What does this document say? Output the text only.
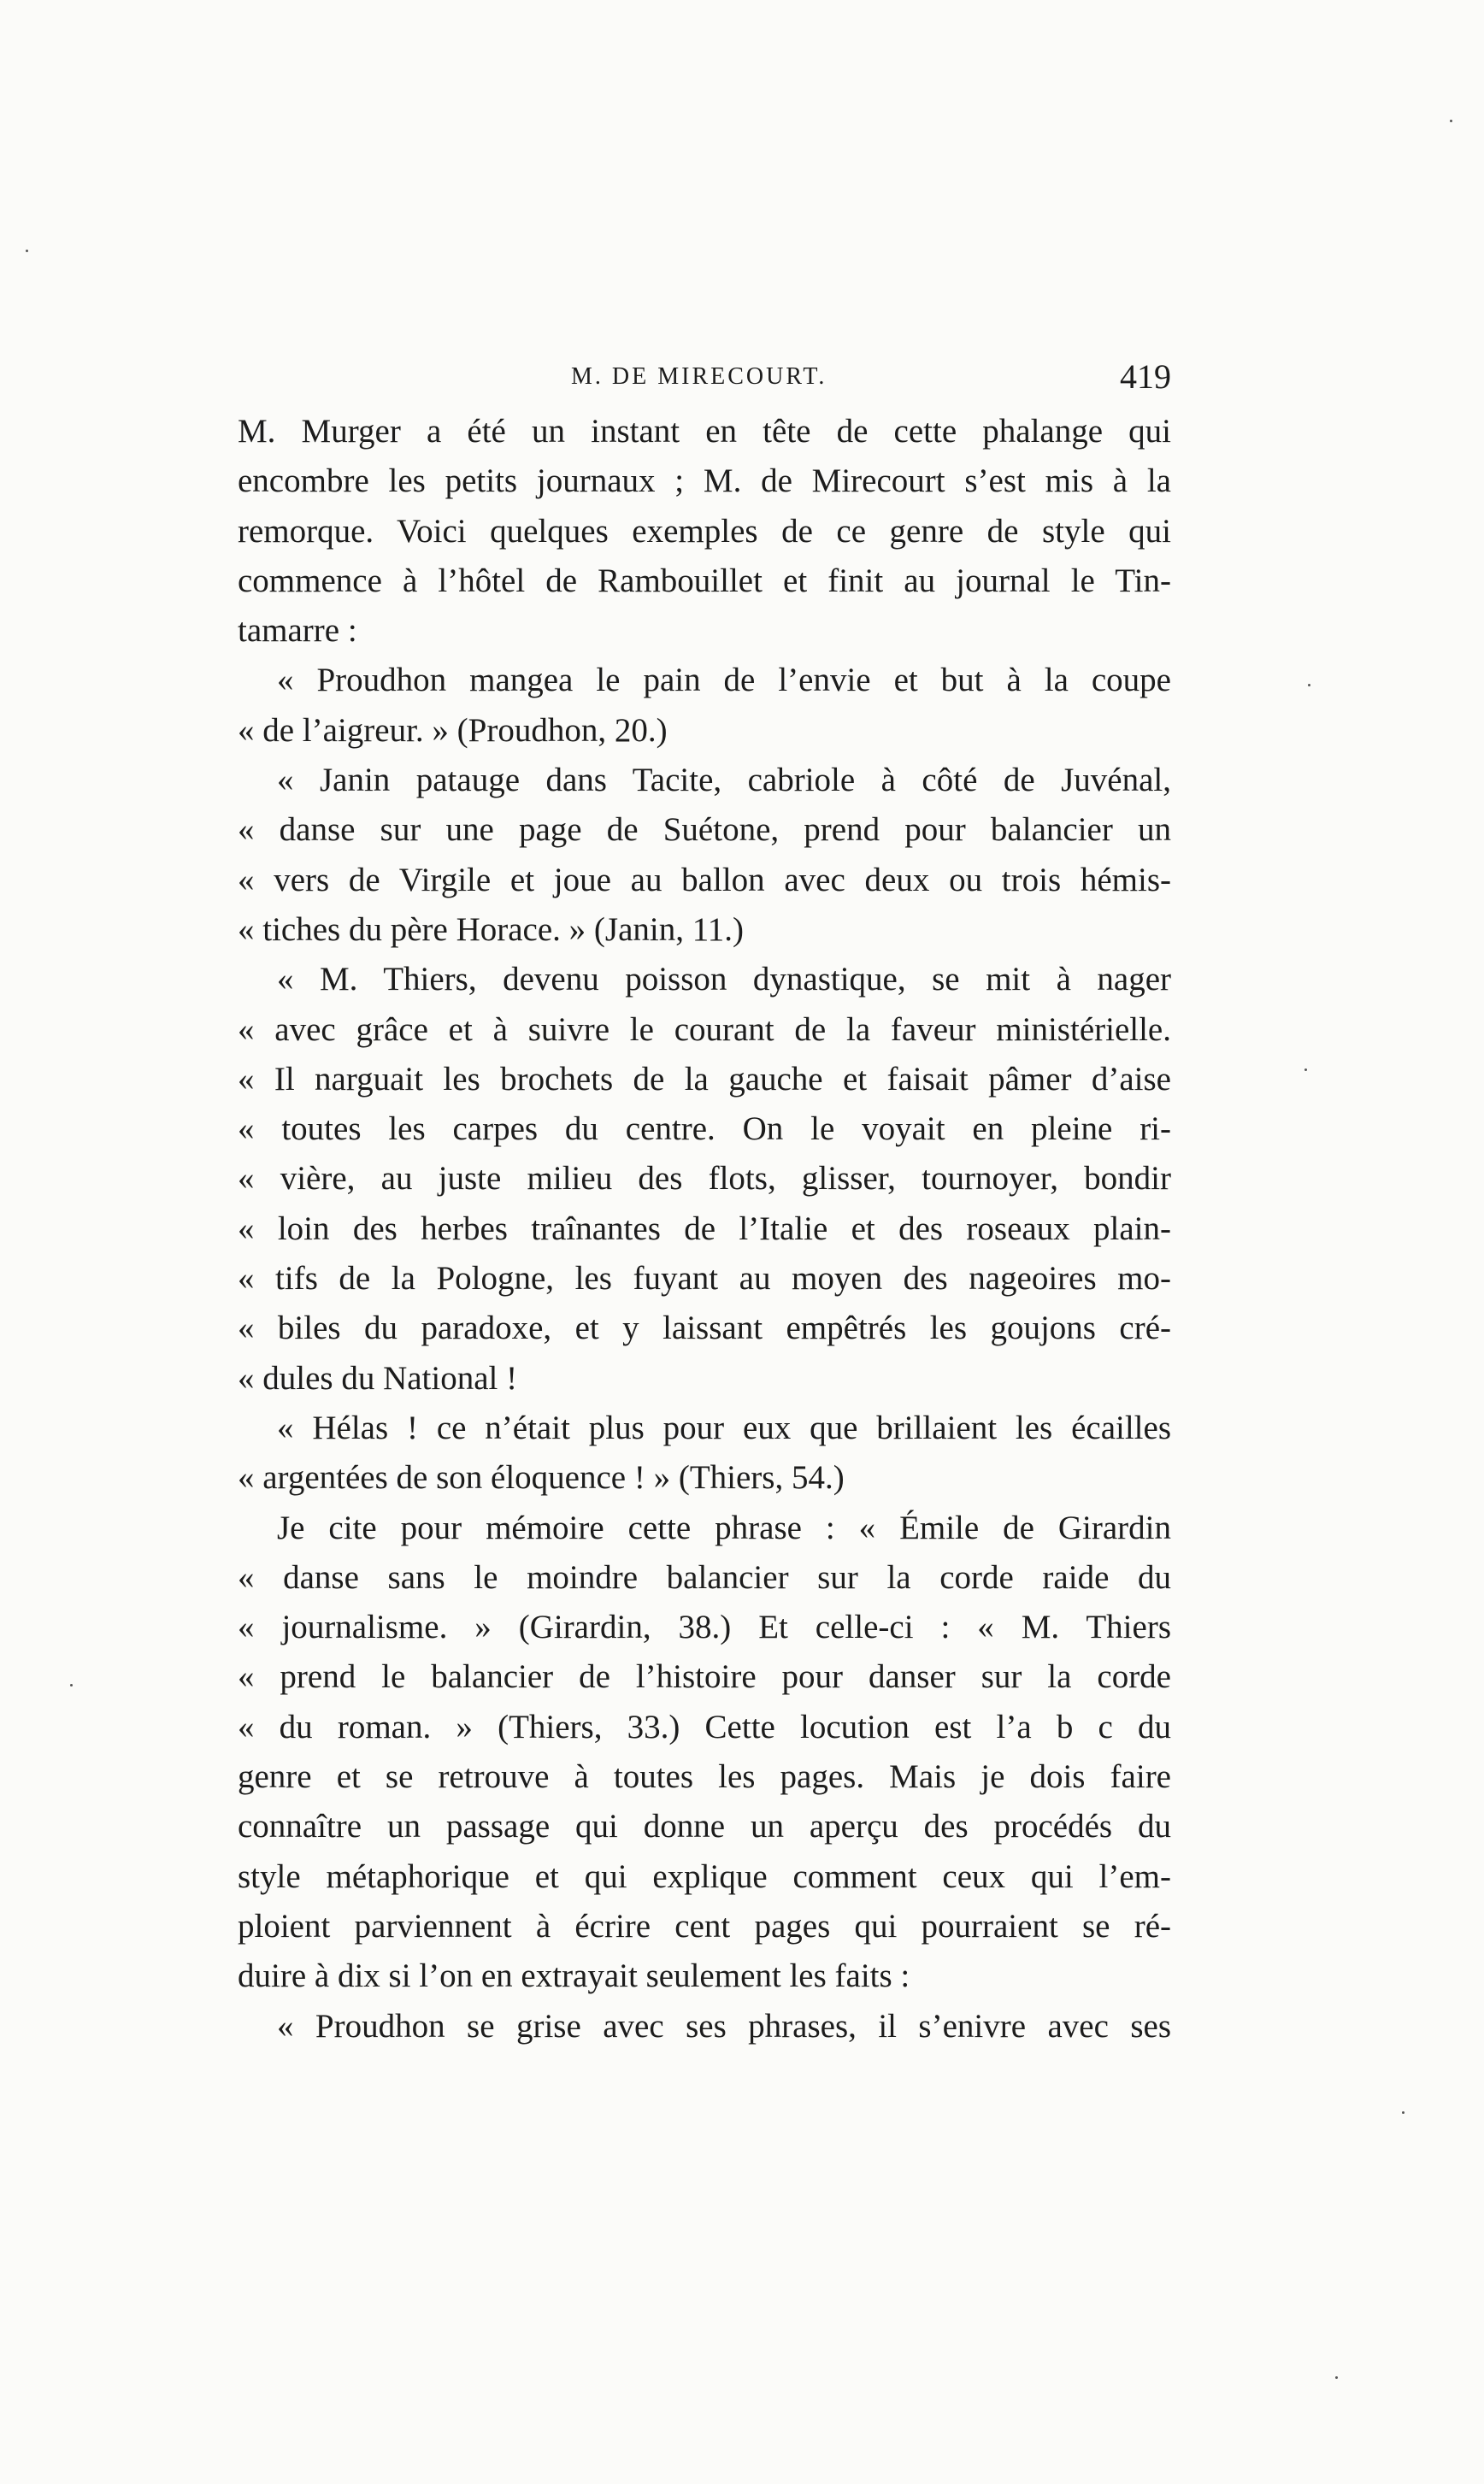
M. DE MIRECOURT.	419
M. Murger a été un instant en tête de cette phalange qui
encombre les petits journaux ; M. de Mirecourt s’est mis à la
remorque. Voici quelques exemples de ce genre de style qui
commence à l’hôtel de Rambouillet et finit au journal le Tin-
tamarre :
« Proudhon mangea le pain de l’envie et but à la coupe
« de l’aigreur. » (Proudhon, 20.)
« Janin patauge dans Tacite, cabriole à côté de Juvénal,
« danse sur une page de Suétone, prend pour balancier un
« vers de Virgile et joue au ballon avec deux ou trois hémis-
« tiches du père Horace. » (Janin, 11.)
« M. Thiers, devenu poisson dynastique, se mit à nager
« avec grâce et à suivre le courant de la faveur ministérielle.
« Il narguait les brochets de la gauche et faisait pâmer d’aise
« toutes les carpes du centre. On le voyait en pleine ri-
« vière, au juste milieu des flots, glisser, tournoyer, bondir
« loin des herbes traînantes de l’Italie et des roseaux plain-
« tifs de la Pologne, les fuyant au moyen des nageoires mo-
« biles du paradoxe, et y laissant empêtrés les goujons cré-
« dules du National !
« Hélas ! ce n’était plus pour eux que brillaient les écailles
« argentées de son éloquence ! » (Thiers, 54.)
Je cite pour mémoire cette phrase : « Émile de Girardin
« danse sans le moindre balancier sur la corde raide du
« journalisme. » (Girardin, 38.) Et celle-ci : « M. Thiers
« prend le balancier de l’histoire pour danser sur la corde
« du roman. » (Thiers, 33.) Cette locution est l’a b c du
genre et se retrouve à toutes les pages. Mais je dois faire
connaître un passage qui donne un aperçu des procédés du
style métaphorique et qui explique comment ceux qui l’em-
ploient parviennent à écrire cent pages qui pourraient se ré-
duire à dix si l’on en extrayait seulement les faits :
« Proudhon se grise avec ses phrases, il s’enivre avec ses
